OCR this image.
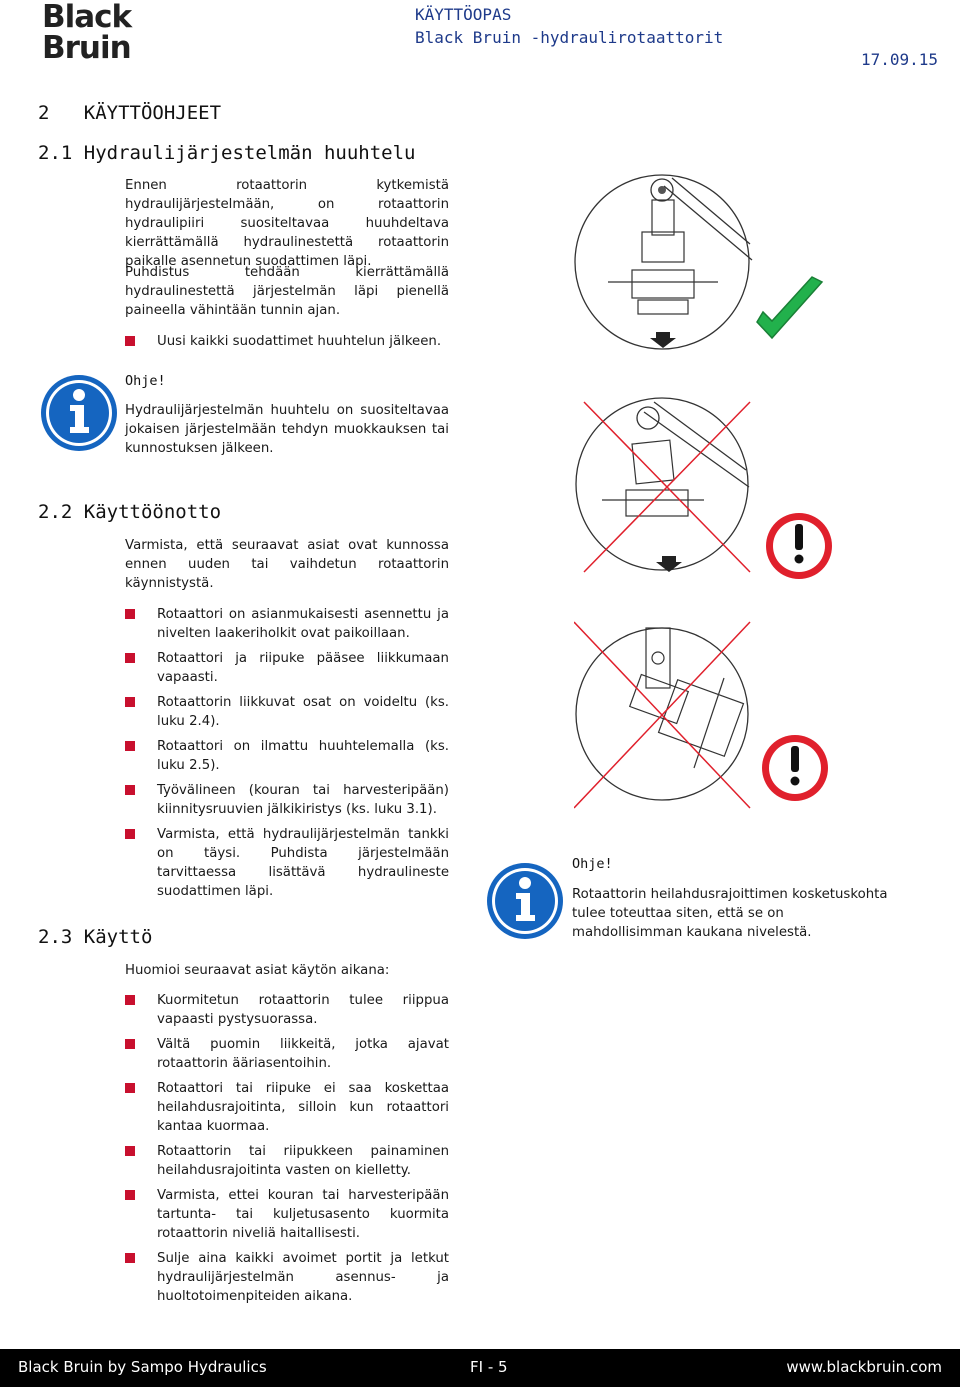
Black
Bruin
KÄYTTÖOPAS
Black Bruin -hydraulirotaattorit
17.09.15
2   KÄYTTÖOHJEET
2.1 Hydraulijärjestelmän huuhtelu
Ennen rotaattorin kytkemistä hydraulijärjestelmään, on rotaattorin hydraulipiiri suositeltavaa huuhdeltava kierrättämällä hydraulinestettä rotaattorin paikalle asennetun suodattimen läpi.
Puhdistus tehdään kierrättämällä hydraulinestettä järjestelmän läpi pienellä paineella vähintään tunnin ajan.
Uusi kaikki suodattimet huuhtelun jälkeen.
Ohje!
Hydraulijärjestelmän huuhtelu on suositeltavaa jokaisen järjestelmään tehdyn muokkauksen tai kunnostuksen jälkeen.
2.2 Käyttöönotto
Varmista, että seuraavat asiat ovat kunnossa ennen uuden tai vaihdetun rotaattorin käynnistystä.
Rotaattori on asianmukaisesti asennettu ja nivelten laakeriholkit ovat paikoillaan.
Rotaattori ja riipuke pääsee liikkumaan vapaasti.
Rotaattorin liikkuvat osat on voideltu (ks. luku 2.4).
Rotaattori on ilmattu huuhtelemalla (ks. luku 2.5).
Työvälineen (kouran tai harvesteripään) kiinnitysruuvien jälkikiristys (ks. luku 3.1).
Varmista, että hydraulijärjestelmän tankki on täysi. Puhdista järjestelmään tarvittaessa lisättävä hydraulineste suodattimen läpi.
Ohje!
Rotaattorin heilahdusrajoittimen kosketuskohta tulee toteuttaa siten, että se on mahdollisimman kaukana nivelestä.
2.3 Käyttö
Huomioi seuraavat asiat käytön aikana:
Kuormitetun rotaattorin tulee riippua vapaasti pystysuorassa.
Vältä puomin liikkeitä, jotka ajavat rotaattorin ääriasentoihin.
Rotaattori tai riipuke ei saa koskettaa heilahdusrajoitinta, silloin kun rotaattori kantaa kuormaa.
Rotaattorin tai riipukkeen painaminen heilahdusrajoitinta vasten on kielletty.
Varmista, ettei kouran tai harvesteripään tartunta- tai kuljetusasento kuormita rotaattorin niveliä haitallisesti.
Sulje aina kaikki avoimet portit ja letkut hydraulijärjestelmän asennus- ja huoltotoimenpiteiden aikana.
Black Bruin by Sampo Hydraulics	FI - 5	www.blackbruin.com
